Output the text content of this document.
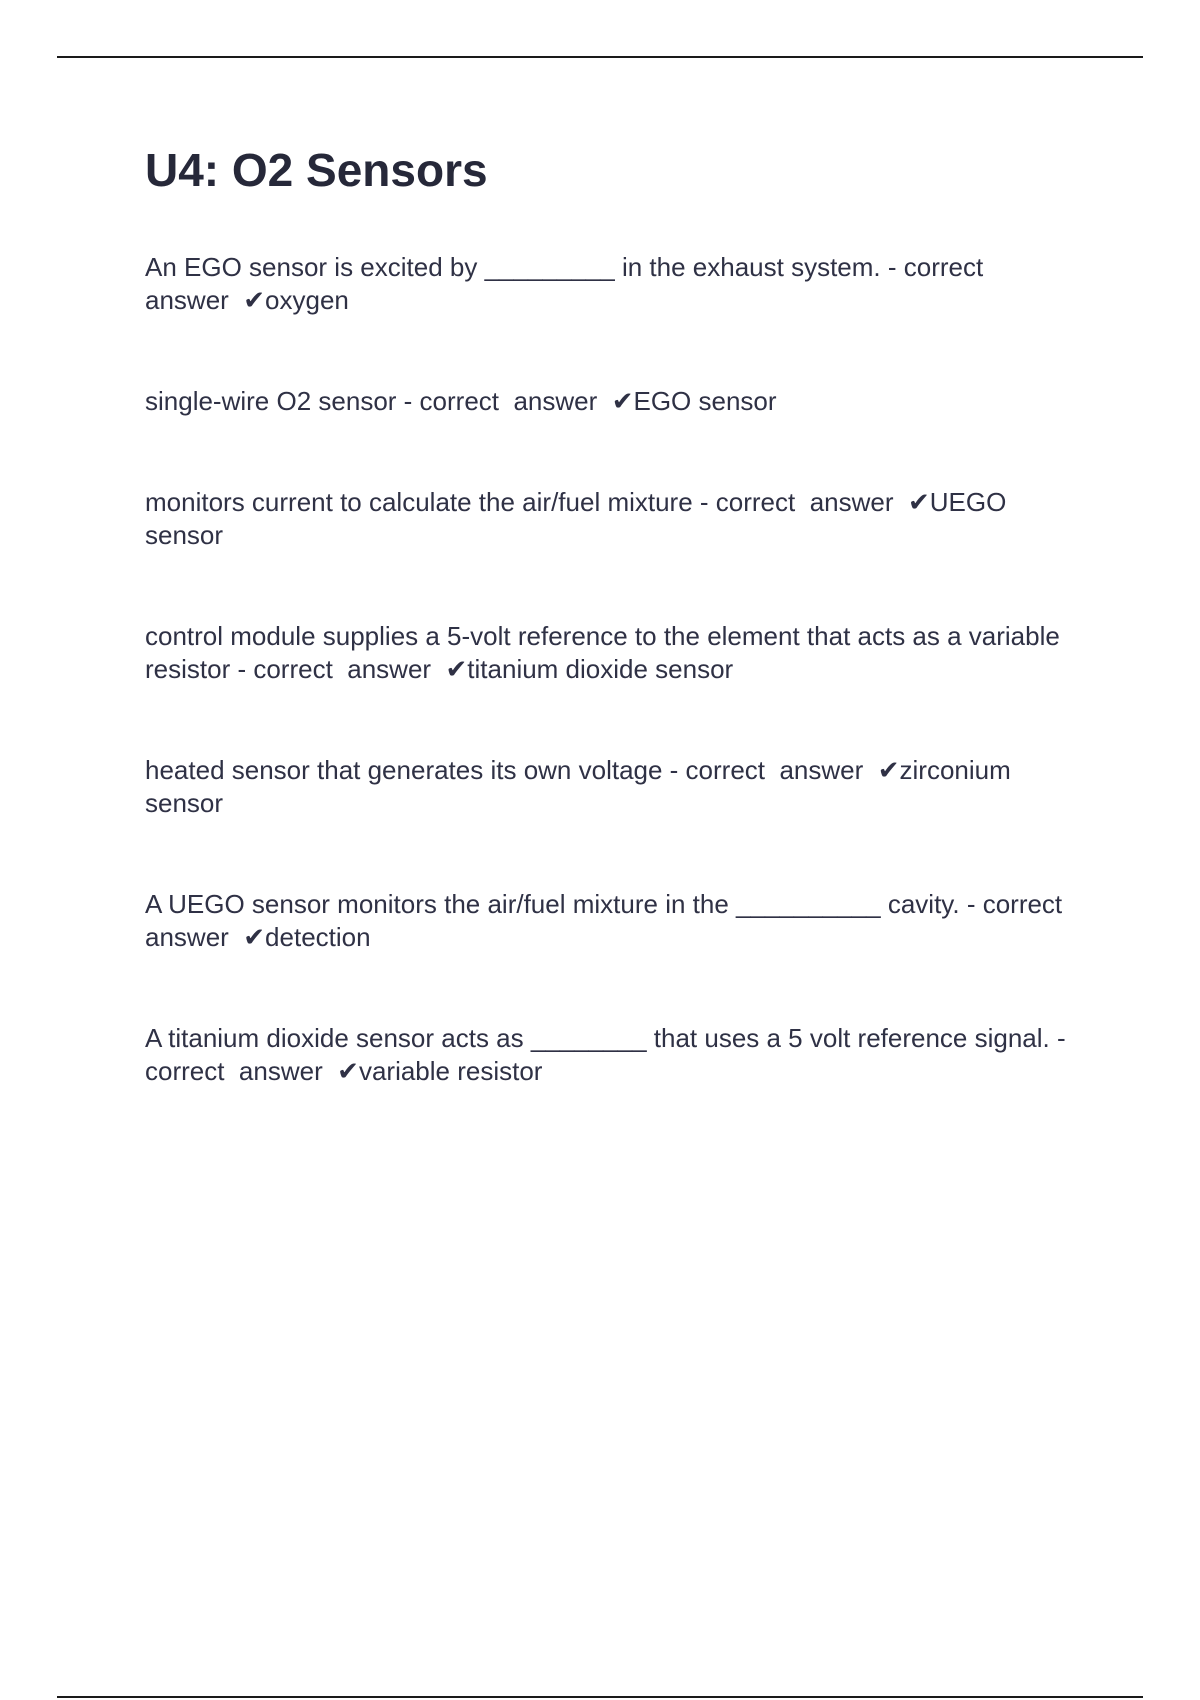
U4: O2 Sensors

An EGO sensor is excited by _________ in the exhaust system. - correct  answer  ✔oxygen

single-wire O2 sensor - correct  answer  ✔EGO sensor

monitors current to calculate the air/fuel mixture - correct  answer  ✔UEGO sensor

control module supplies a 5-volt reference to the element that acts as a variable resistor - correct  answer  ✔titanium dioxide sensor

heated sensor that generates its own voltage - correct  answer  ✔zirconium sensor

A UEGO sensor monitors the air/fuel mixture in the __________ cavity. - correct  answer  ✔detection

A titanium dioxide sensor acts as ________ that uses a 5 volt reference signal. - correct  answer  ✔variable resistor
